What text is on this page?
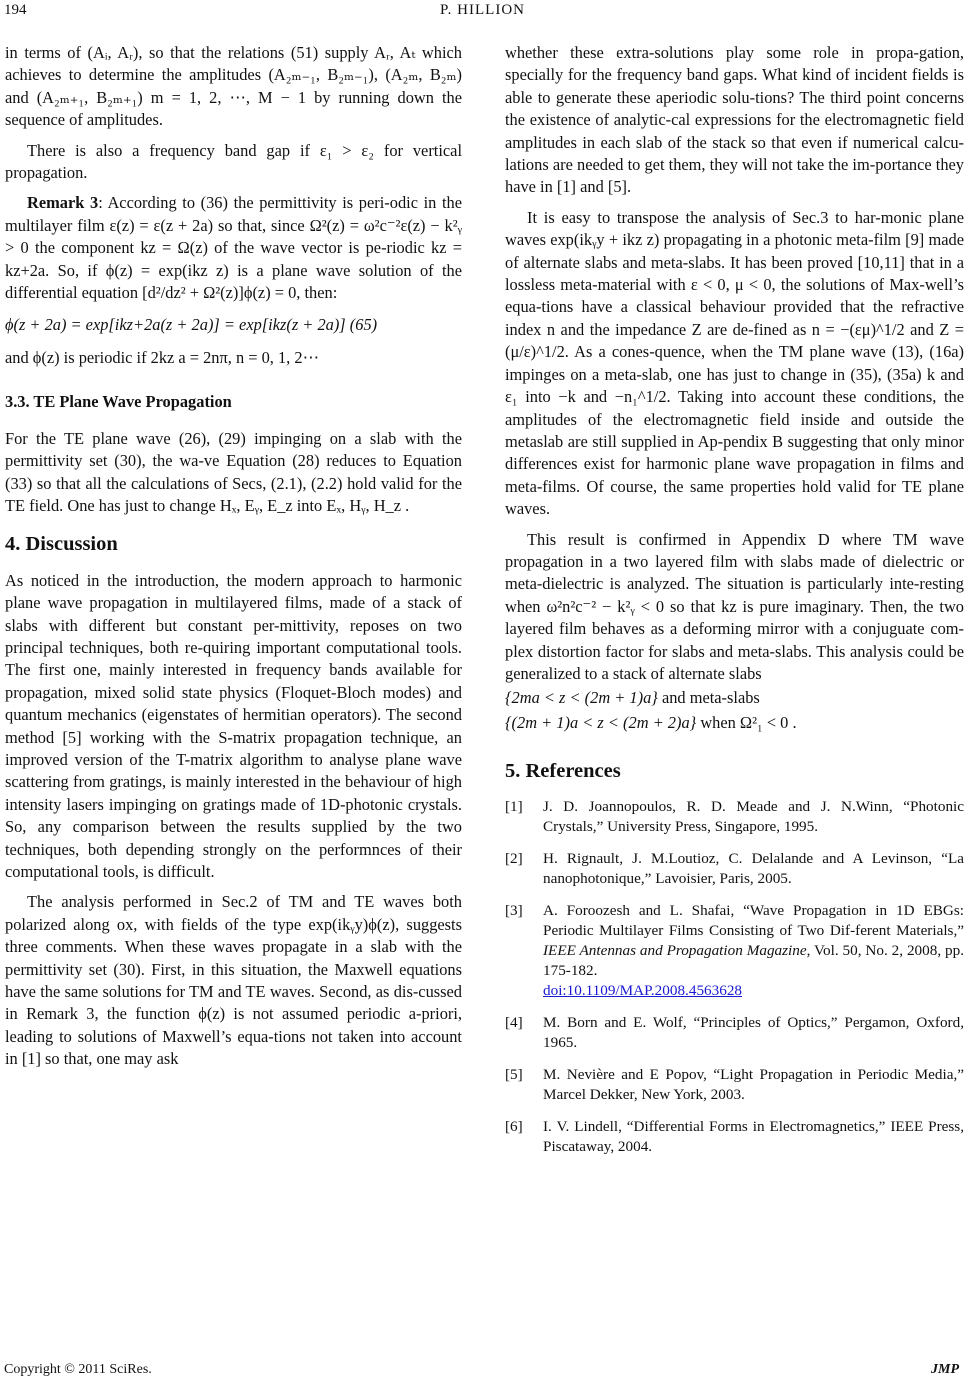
194	P. HILLION

in terms of (Aᵢ, Aᵣ), so that the relations (51) supply Aᵣ, Aₜ which achieves to determine the amplitudes (A₂ₘ₋₁, B₂ₘ₋₁), (A₂ₘ, B₂ₘ) and (A₂ₘ₊₁, B₂ₘ₊₁) m = 1, 2, ⋯, M − 1 by running down the sequence of amplitudes.

There is also a frequency band gap if ε₁ > ε₂ for vertical propagation.

Remark 3: According to (36) the permittivity is peri-odic in the multilayer film ε(z) = ε(z + 2a) so that, since Ω²(z) = ω²c⁻²ε(z) − k²ᵧ > 0 the component kz = Ω(z) of the wave vector is pe-riodic kz = kz+2a. So, if ϕ(z) = exp(ikz z) is a plane wave solution of the differential equation [d²/dz² + Ω²(z)]ϕ(z) = 0, then:

ϕ(z + 2a) = exp[ikz+2a(z + 2a)] = exp[ikz(z + 2a)] (65)

and ϕ(z) is periodic if 2kz a = 2nπ, n = 0, 1, 2⋯

3.3. TE Plane Wave Propagation

For the TE plane wave (26), (29) impinging on a slab with the permittivity set (30), the wa-ve Equation (28) reduces to Equation (33) so that all the calculations of Secs, (2.1), (2.2) hold valid for the TE field. One has just to change Hₓ, Eᵧ, E_z into Eₓ, Hᵧ, H_z .

4. Discussion

As noticed in the introduction, the modern approach to harmonic plane wave propagation in multilayered films, made of a stack of slabs with different but constant per-mittivity, reposes on two principal techniques, both re-quiring important computational tools. The first one, mainly interested in frequency bands available for propagation, mixed solid state physics (Floquet-Bloch modes) and quantum mechanics (eigenstates of hermitian operators). The second method [5] working with the S-matrix propagation technique, an improved version of the T-matrix algorithm to analyse plane wave scattering from gratings, is mainly interested in the behaviour of high intensity lasers impinging on gratings made of 1D-photonic crystals. So, any comparison between the results supplied by the two techniques, both depending strongly on the performnces of their computational tools, is difficult.

The analysis performed in Sec.2 of TM and TE waves both polarized along ox, with fields of the type exp(ikᵧy)ϕ(z), suggests three comments. When these waves propagate in a slab with the permittivity set (30). First, in this situation, the Maxwell equations have the same solutions for TM and TE waves. Second, as dis-cussed in Remark 3, the function ϕ(z) is not assumed periodic a-priori, leading to solutions of Maxwell’s equa-tions not taken into account in [1] so that, one may ask

whether these extra-solutions play some role in propa-gation, specially for the frequency band gaps. What kind of incident fields is able to generate these aperiodic solu-tions? The third point concerns the existence of analytic-cal expressions for the electromagnetic field amplitudes in each slab of the stack so that even if numerical calcu-lations are needed to get them, they will not take the im-portance they have in [1] and [5].

It is easy to transpose the analysis of Sec.3 to har-monic plane waves exp(ikᵧy + ikz z) propagating in a photonic meta-film [9] made of alternate slabs and meta-slabs. It has been proved [10,11] that in a lossless meta-material with ε < 0, μ < 0, the solutions of Max-well’s equa-tions have a classical behaviour provided that the refractive index n and the impedance Z are de-fined as n = −(εμ)^1/2 and Z = (μ/ε)^1/2. As a cones-quence, when the TM plane wave (13), (16a) impinges on a meta-slab, one has just to change in (35), (35a) k and ε₁ into −k and −n₁^1/2. Taking into account these conditions, the amplitudes of the electromagnetic field inside and outside the metaslab are still supplied in Ap-pendix B suggesting that only minor differences exist for harmonic plane wave propagation in films and meta-films. Of course, the same properties hold valid for TE plane waves.

This result is confirmed in Appendix D where TM wave propagation in a two layered film with slabs made of dielectric or meta-dielectric is analyzed. The situation is particularly inte-resting when ω²n²c⁻² − k²ᵧ < 0 so that kz is pure imaginary. Then, the two layered film behaves as a deforming mirror with a conjuguate com-plex distortion factor for slabs and meta-slabs. This analysis could be generalized to a stack of alternate slabs

{2ma < z < (2m + 1)a} and meta-slabs
{(2m + 1)a < z < (2m + 2)a} when Ω²₁ < 0 .
5. References
[1]	J. D. Joannopoulos, R. D. Meade and J. N.Winn, “Photonic Crystals,” University Press, Singapore, 1995.
[2]	H. Rignault, J. M.Loutioz, C. Delalande and A Levinson, “La nanophotonique,” Lavoisier, Paris, 2005.
[3]	A. Foroozesh and L. Shafai, “Wave Propagation in 1D EBGs: Periodic Multilayer Films Consisting of Two Dif-ferent Materials,” IEEE Antennas and Propagation Magazine, Vol. 50, No. 2, 2008, pp. 175-182.
doi:10.1109/MAP.2008.4563628
[4]	M. Born and E. Wolf, “Principles of Optics,” Pergamon, Oxford, 1965.
[5]	M. Nevière and E Popov, “Light Propagation in Periodic Media,” Marcel Dekker, New York, 2003.
[6]	I. V. Lindell, “Differential Forms in Electromagnetics,” IEEE Press, Piscataway, 2004.
Copyright © 2011 SciRes.	JMP
